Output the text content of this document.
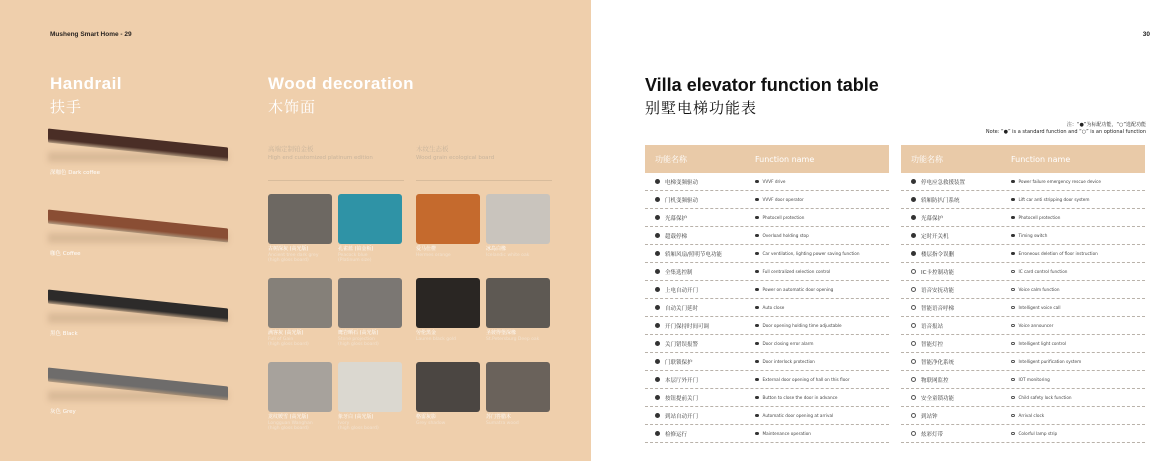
Musheng Smart Home - 29
Handrail
扶手
深咖色 Dark coffee
咖色 Coffee
黑色 Black
灰色 Grey
Wood decoration
木饰面
高端定制铂金板
High end customized platinum edition
木纹生态板
Wood grain ecological board
古树深灰 (高光版)
Ancient tree dark grey
(high gloss board)
孔雀蓝 (铂金板)
Peacock blue
(Platinum size)
爱马仕橙
Hermes orange
冰岛白橡
Icelandic white oak
满客灰 (高光版)
Full of Gain
(high gloss board)
鹰岩晒石 (高光版)
Stone projection
(high gloss board)
劳伦黑金
Lauren black gold
圣彼得堡深橡
St.Petersburg Deep oak
龙纹媛雪 (高光版)
Longguan Wanghan
(high gloss board)
象牙白 (高光版)
Ivory
(high gloss board)
格雷灰影
Grey shadow
苏门答腊木
Sumatra wood
30
Villa elevator function table
别墅电梯功能表
注：“●”为标配功能，“○”选配功能
Note: “●” is a standard function and “○” is an optional function
功能名称	Function name
电梯变频驱动	VVVF drive
门机变频驱动	VVVF door operator
光幕保护	Photocell protection
超载停梯	Overload holding stop
轿厢风扇/照明节电功能	Car ventilation, lighting power saving function
全集选控制	Full centralized selection control
上电自动开门	Power on automatic door opening
自动关门延时	Auto close
开门保持时间可调	Door opening holding time adjustable
关门错误报警	Door closing error alarm
门联锁保护	Door interlock protection
本层厅外开门	External door opening of hall on this floor
按钮提前关门	Button to close the door in advance
到站自动开门	Automatic door opening at arrival
检修运行	Maintenance operation
功能名称	Function name
停电应急救援装置	Power failure emergency rescue device
轿厢防扒门系统	Lift car anti stripping door system
光幕保护	Photocell protection
定时开关机	Timing switch
楼层指令误删	Erroneous deletion of floor instruction
IC卡控制功能	IC card control function
语音安抚功能	Voice calm function
智能语音呼梯	Intelligent voice call
语音报站	Voice announcer
智能灯控	Intelligent light control
智能净化系统	Intelligent purification system
物联网监控	IOT monitoring
安全童锁功能	Child safety lock function
到站钟	Arrival clock
炫彩灯带	Colorful lamp strip
